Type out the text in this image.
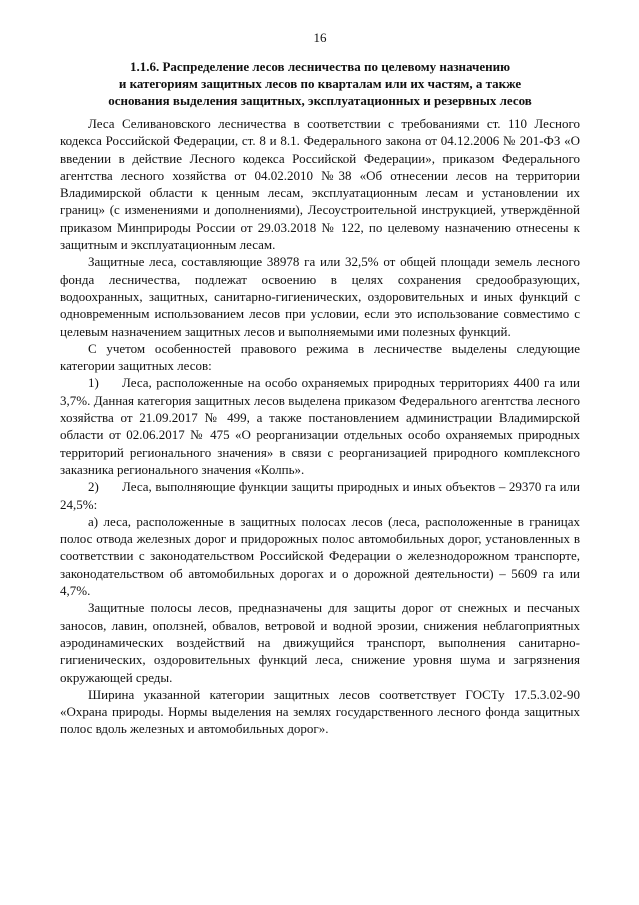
16
1.1.6. Распределение лесов лесничества по целевому назначению
и категориям защитных лесов по кварталам или их частям, а также
основания выделения защитных, эксплуатационных и резервных лесов

Леса Селивановского лесничества в соответствии с требованиями ст. 110 Лесного кодекса Российской Федерации, ст. 8 и 8.1. Федерального закона от 04.12.2006 № 201-ФЗ «О введении в действие Лесного кодекса Российской Федерации», приказом Федерального агентства лесного хозяйства от 04.02.2010 №38 «Об отнесении лесов на территории Владимирской области к ценным лесам, эксплуатационным лесам и установлении их границ» (с изменениями и дополнениями), Лесоустроительной инструкцией, утверждённой приказом Минприроды России от 29.03.2018 № 122, по целевому назначению отнесены к защитным и эксплуатационным лесам.

Защитные леса, составляющие 38978 га или 32,5% от общей площади земель лесного фонда лесничества, подлежат освоению в целях сохранения средообразующих, водоохранных, защитных, санитарно-гигиенических, оздоровительных и иных функций с одновременным использованием лесов при условии, если это использование совместимо с целевым назначением защитных лесов и выполняемыми ими полезных функций.

С учетом особенностей правового режима в лесничестве выделены следующие категории защитных лесов:

1) Леса, расположенные на особо охраняемых природных территориях 4400 га или 3,7%. Данная категория защитных лесов выделена приказом Федерального агентства лесного хозяйства от 21.09.2017 № 499, а также постановлением администрации Владимирской области от 02.06.2017 № 475 «О реорганизации отдельных особо охраняемых природных территорий регионального значения» в связи с реорганизацией природного комплексного заказника регионального значения «Колпь».

2) Леса, выполняющие функции защиты природных и иных объектов – 29370 га или 24,5%:

а) леса, расположенные в защитных полосах лесов (леса, расположенные в границах полос отвода железных дорог и придорожных полос автомобильных дорог, установленных в соответствии с законодательством Российской Федерации о железнодорожном транспорте, законодательством об автомобильных дорогах и о дорожной деятельности) – 5609 га или 4,7%.

Защитные полосы лесов, предназначены для защиты дорог от снежных и песчаных заносов, лавин, оползней, обвалов, ветровой и водной эрозии, снижения неблагоприятных аэродинамических воздействий на движущийся транспорт, выполнения санитарно-гигиенических, оздоровительных функций леса, снижение уровня шума и загрязнения окружающей среды.

Ширина указанной категории защитных лесов соответствует ГОСТу 17.5.3.02-90 «Охрана природы. Нормы выделения на землях государственного лесного фонда защитных полос вдоль железных и автомобильных дорог».
